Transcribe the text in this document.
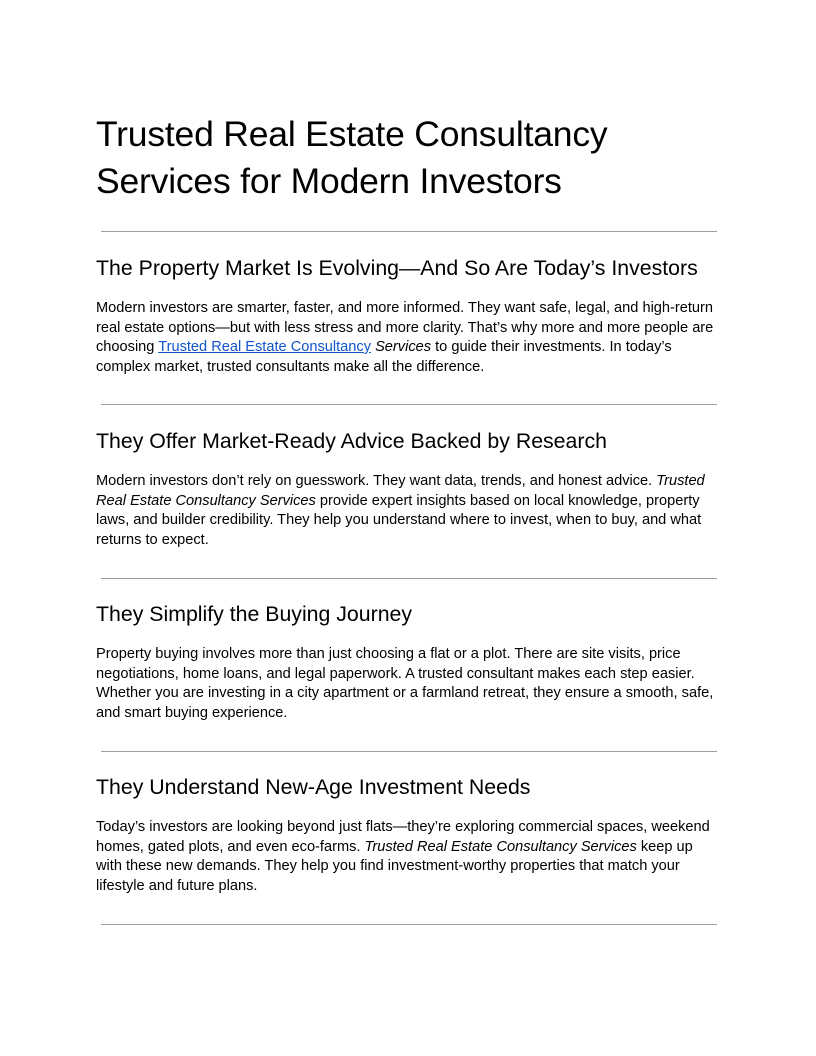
Trusted Real Estate Consultancy
Services for Modern Investors
The Property Market Is Evolving—And So Are Today’s Investors

Modern investors are smarter, faster, and more informed. They want safe, legal, and high-return real estate options—but with less stress and more clarity. That’s why more and more people are choosing Trusted Real Estate Consultancy Services to guide their investments. In today’s complex market, trusted consultants make all the difference.

They Offer Market-Ready Advice Backed by Research

Modern investors don’t rely on guesswork. They want data, trends, and honest advice. Trusted Real Estate Consultancy Services provide expert insights based on local knowledge, property laws, and builder credibility. They help you understand where to invest, when to buy, and what returns to expect.

They Simplify the Buying Journey

Property buying involves more than just choosing a flat or a plot. There are site visits, price negotiations, home loans, and legal paperwork. A trusted consultant makes each step easier. Whether you are investing in a city apartment or a farmland retreat, they ensure a smooth, safe, and smart buying experience.

They Understand New-Age Investment Needs

Today’s investors are looking beyond just flats—they’re exploring commercial spaces, weekend homes, gated plots, and even eco-farms. Trusted Real Estate Consultancy Services keep up with these new demands. They help you find investment-worthy properties that match your lifestyle and future plans.
